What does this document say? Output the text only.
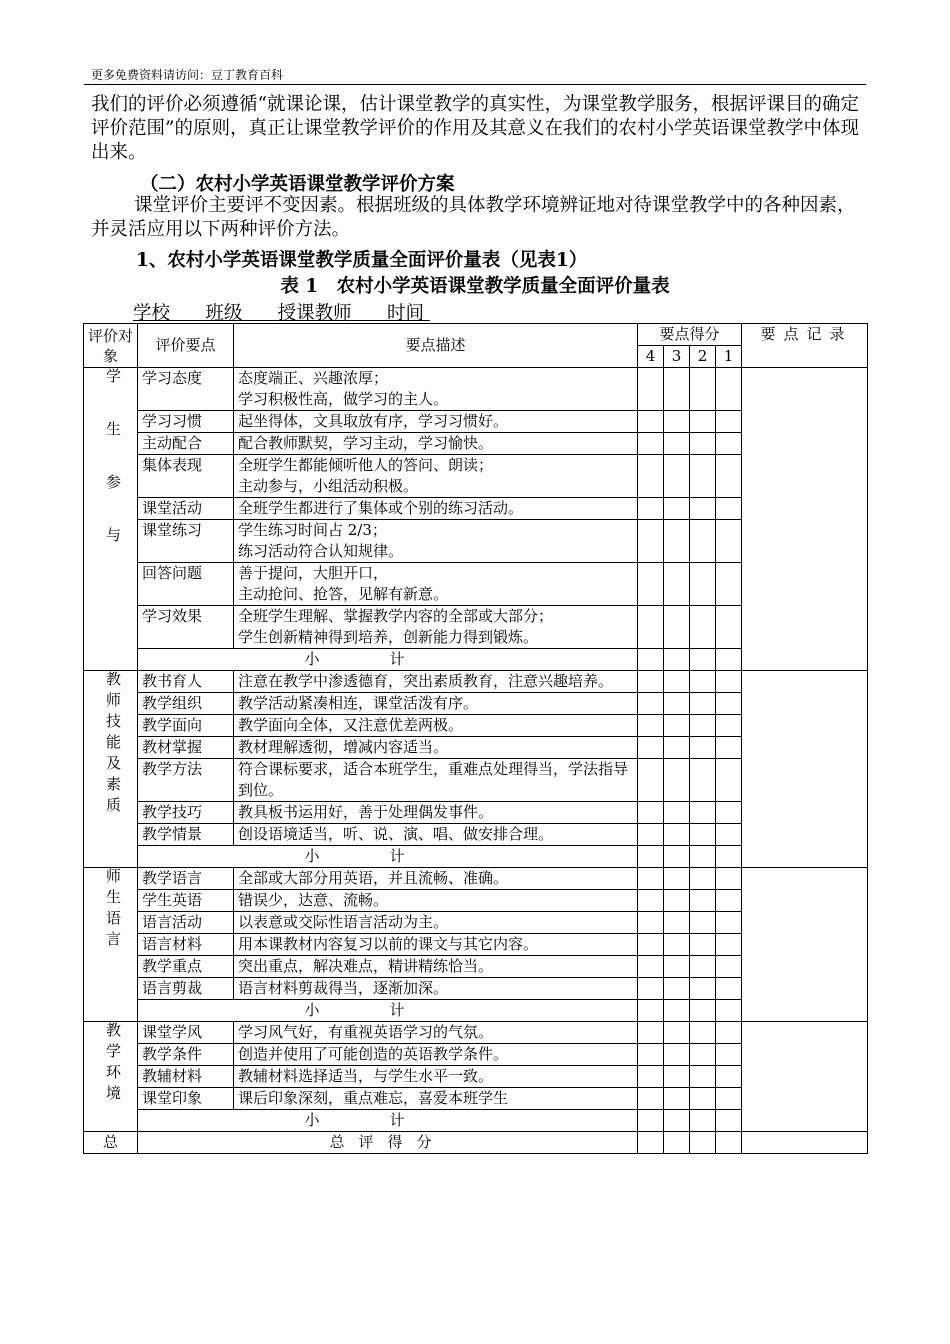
更多免费资料请访问：豆丁教育百科

我们的评价必须遵循“就课论课，估计课堂教学的真实性，为课堂教学服务，根据评课目的确定评价范围”的原则，真正让课堂教学评价的作用及其意义在我们的农村小学英语课堂教学中体现出来。

（二）农村小学英语课堂教学评价方案

课堂评价主要评不变因素。根据班级的具体教学环境辨证地对待课堂教学中的各种因素，并灵活应用以下两种评价方法。

1、农村小学英语课堂教学质量全面评价量表（见表1）
表 1　农村小学英语课堂教学质量全面评价量表
学校 班级 授课教师 时间
评价对象	评价要点	要点描述	要点得分				要点记录
			4	3	2	1	
学生参与	学习态度	态度端正、兴趣浓厚；
学习积极性高，做学习的主人。					
	学习习惯	起坐得体，文具取放有序，学习习惯好。					
	主动配合	配合教师默契，学习主动，学习愉快。					
	集体表现	全班学生都能倾听他人的答问、朗读；
主动参与，小组活动积极。					
	课堂活动	全班学生都进行了集体或个别的练习活动。					
	课堂练习	学生练习时间占 2/3；
练习活动符合认知规律。					
	回答问题	善于提问，大胆开口，
主动抢问、抢答，见解有新意。					
	学习效果	全班学生理解、掌握教学内容的全部或大部分；
学生创新精神得到培养，创新能力得到锻炼。					
	小计						
教师技能及素质	教书育人	注意在教学中渗透德育，突出素质教育，注意兴趣培养。					
	教学组织	教学活动紧凑相连，课堂活泼有序。					
	教学面向	教学面向全体，又注意优差两极。					
	教材掌握	教材理解透彻，增减内容适当。					
	教学方法	符合课标要求，适合本班学生，重难点处理得当，学法指导到位。					
	教学技巧	教具板书运用好，善于处理偶发事件。					
	教学情景	创设语境适当，听、说、演、唱、做安排合理。					
	小计						
师生语言	教学语言	全部或大部分用英语，并且流畅、准确。					
	学生英语	错误少，达意、流畅。					
	语言活动	以表意或交际性语言活动为主。					
	语言材料	用本课教材内容复习以前的课文与其它内容。					
	教学重点	突出重点，解决难点，精讲精练恰当。					
	语言剪裁	语言材料剪裁得当，逐渐加深。					
	小计						
教学环境	课堂学风	学习风气好，有重视英语学习的气氛。					
	教学条件	创造并使用了可能创造的英语教学条件。					
	教辅材料	教辅材料选择适当，与学生水平一致。					
	课堂印象	课后印象深刻，重点难忘，喜爱本班学生					
	小计						
总	总评得分						
